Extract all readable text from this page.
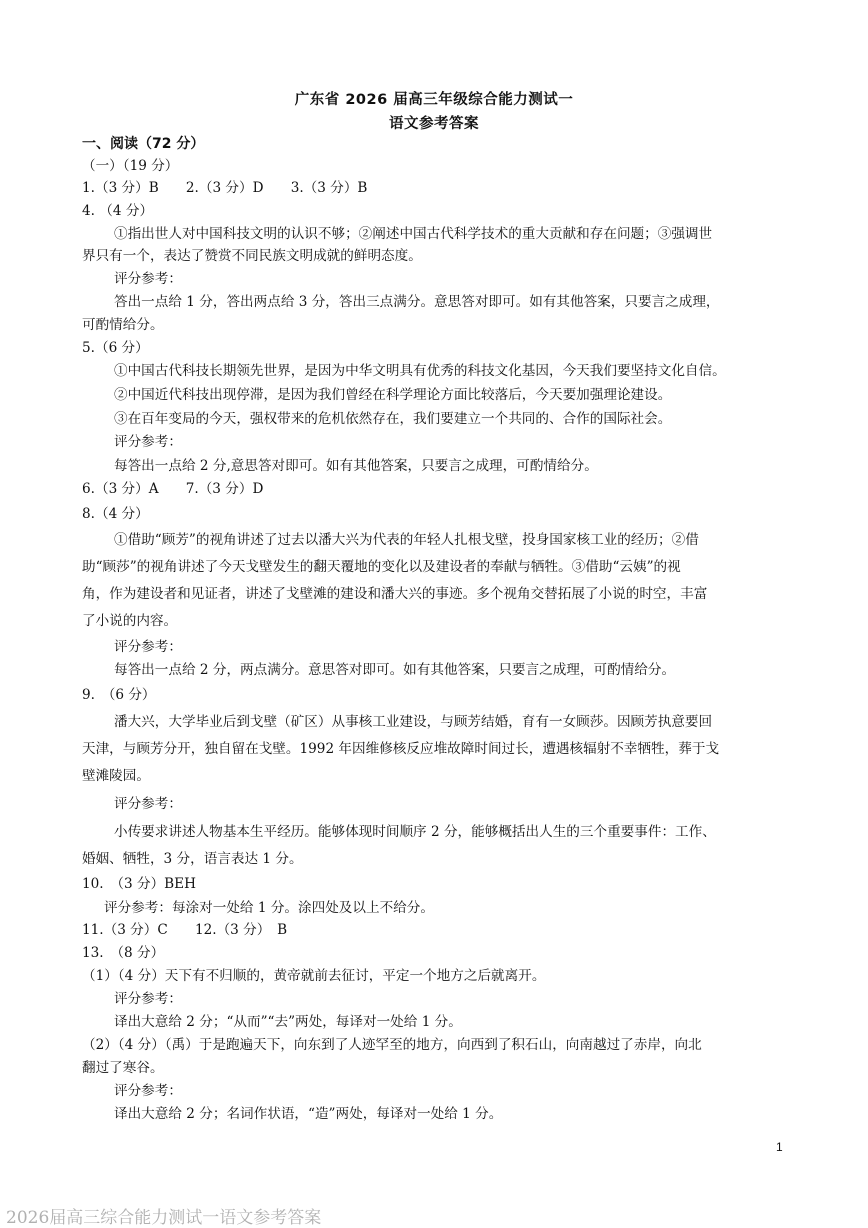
广东省 2026 届高三年级综合能力测试一
语文参考答案
一、阅读（72 分）
（一）（19 分）
1.（3 分）B　　2.（3 分）D　　3.（3 分）B
4. （4 分）
①指出世人对中国科技文明的认识不够；②阐述中国古代科学技术的重大贡献和存在问题；③强调世
界只有一个，表达了赞赏不同民族文明成就的鲜明态度。
评分参考：
答出一点给 1 分，答出两点给 3 分，答出三点满分。意思答对即可。如有其他答案，只要言之成理，
可酌情给分。
5.（6 分）
①中国古代科技长期领先世界，是因为中华文明具有优秀的科技文化基因，今天我们要坚持文化自信。
②中国近代科技出现停滞，是因为我们曾经在科学理论方面比较落后，今天要加强理论建设。
③在百年变局的今天，强权带来的危机依然存在，我们要建立一个共同的、合作的国际社会。
评分参考：
每答出一点给 2 分,意思答对即可。如有其他答案，只要言之成理，可酌情给分。
6.（3 分）A　　7.（3 分）D
8.（4 分）
①借助“顾芳”的视角讲述了过去以潘大兴为代表的年轻人扎根戈壁，投身国家核工业的经历；②借
助“顾莎”的视角讲述了今天戈壁发生的翻天覆地的变化以及建设者的奉献与牺牲。③借助“云姨”的视
角，作为建设者和见证者，讲述了戈壁滩的建设和潘大兴的事迹。多个视角交替拓展了小说的时空，丰富
了小说的内容。
评分参考：
每答出一点给 2 分，两点满分。意思答对即可。如有其他答案，只要言之成理，可酌情给分。
9.　（6 分）
潘大兴，大学毕业后到戈壁（矿区）从事核工业建设，与顾芳结婚，育有一女顾莎。因顾芳执意要回
天津，与顾芳分开，独自留在戈壁。1992 年因维修核反应堆故障时间过长，遭遇核辐射不幸牺牲，葬于戈
壁滩陵园。
评分参考：
小传要求讲述人物基本生平经历。能够体现时间顺序 2 分，能够概括出人生的三个重要事件：工作、
婚姻、牺牲，3 分，语言表达 1 分。
10.　（3 分）BEH
评分参考：每涂对一处给 1 分。涂四处及以上不给分。
11.（3 分）C　　12.（3 分）　B
13.　（8 分）
（1）（4 分）天下有不归顺的，黄帝就前去征讨，平定一个地方之后就离开。
评分参考：
译出大意给 2 分；“从而”“去”两处，每译对一处给 1 分。
（2）（4 分）（禹）于是跑遍天下，向东到了人迹罕至的地方，向西到了积石山，向南越过了赤岸，向北
翻过了寒谷。
评分参考：
译出大意给 2 分；名词作状语，“造”两处，每译对一处给 1 分。
1
2026届高三综合能力测试一语文参考答案
